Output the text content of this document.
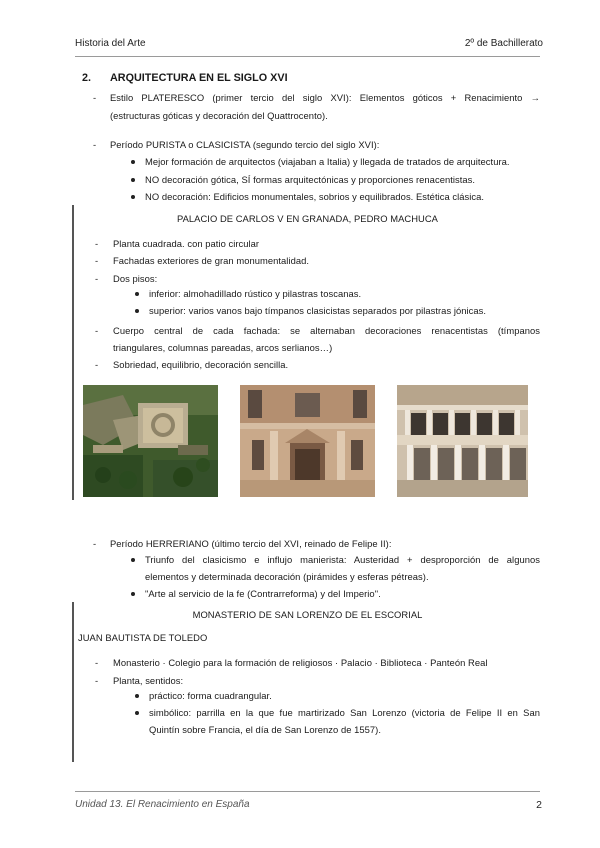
Historia del Arte	2º de Bachillerato
2. ARQUITECTURA EN EL SIGLO XVI
- Estilo PLATERESCO (primer tercio del siglo XVI): Elementos góticos + Renacimiento →
(estructuras góticas y decoración del Quattrocento).
- Período PURISTA o CLASICISTA (segundo tercio del siglo XVI):
Mejor formación de arquitectos (viajaban a Italia) y llegada de tratados de arquitectura.
NO decoración gótica, SÍ formas arquitectónicas y proporciones renacentistas.
NO decoración: Edificios monumentales, sobrios y equilibrados. Estética clásica.
PALACIO DE CARLOS V EN GRANADA, PEDRO MACHUCA
- Planta cuadrada. con patio circular
- Fachadas exteriores de gran monumentalidad.
- Dos pisos:
inferior: almohadillado rústico y pilastras toscanas.
superior: varios vanos bajo tímpanos clasicistas separados por pilastras jónicas.
- Cuerpo central de cada fachada: se alternaban decoraciones renacentistas (tímpanos
triangulares, columnas pareadas, arcos serlianos…)
- Sobriedad, equilibrio, decoración sencilla.
- Período HERRERIANO (último tercio del XVI, reinado de Felipe II):
Triunfo del clasicismo e influjo manierista: Austeridad + desproporción de algunos
elementos y determinada decoración (pirámides y esferas pétreas).
"Arte al servicio de la fe (Contrarreforma) y del Imperio".
MONASTERIO DE SAN LORENZO DE EL ESCORIAL
JUAN BAUTISTA DE TOLEDO
- Monasterio · Colegio para la formación de religiosos · Palacio · Biblioteca · Panteón Real
- Planta, sentidos:
práctico: forma cuadrangular.
simbólico: parrilla en la que fue martirizado San Lorenzo (victoria de Felipe II en San
Quintín sobre Francia, el día de San Lorenzo de 1557).
Unidad 13. El Renacimiento en España	2
